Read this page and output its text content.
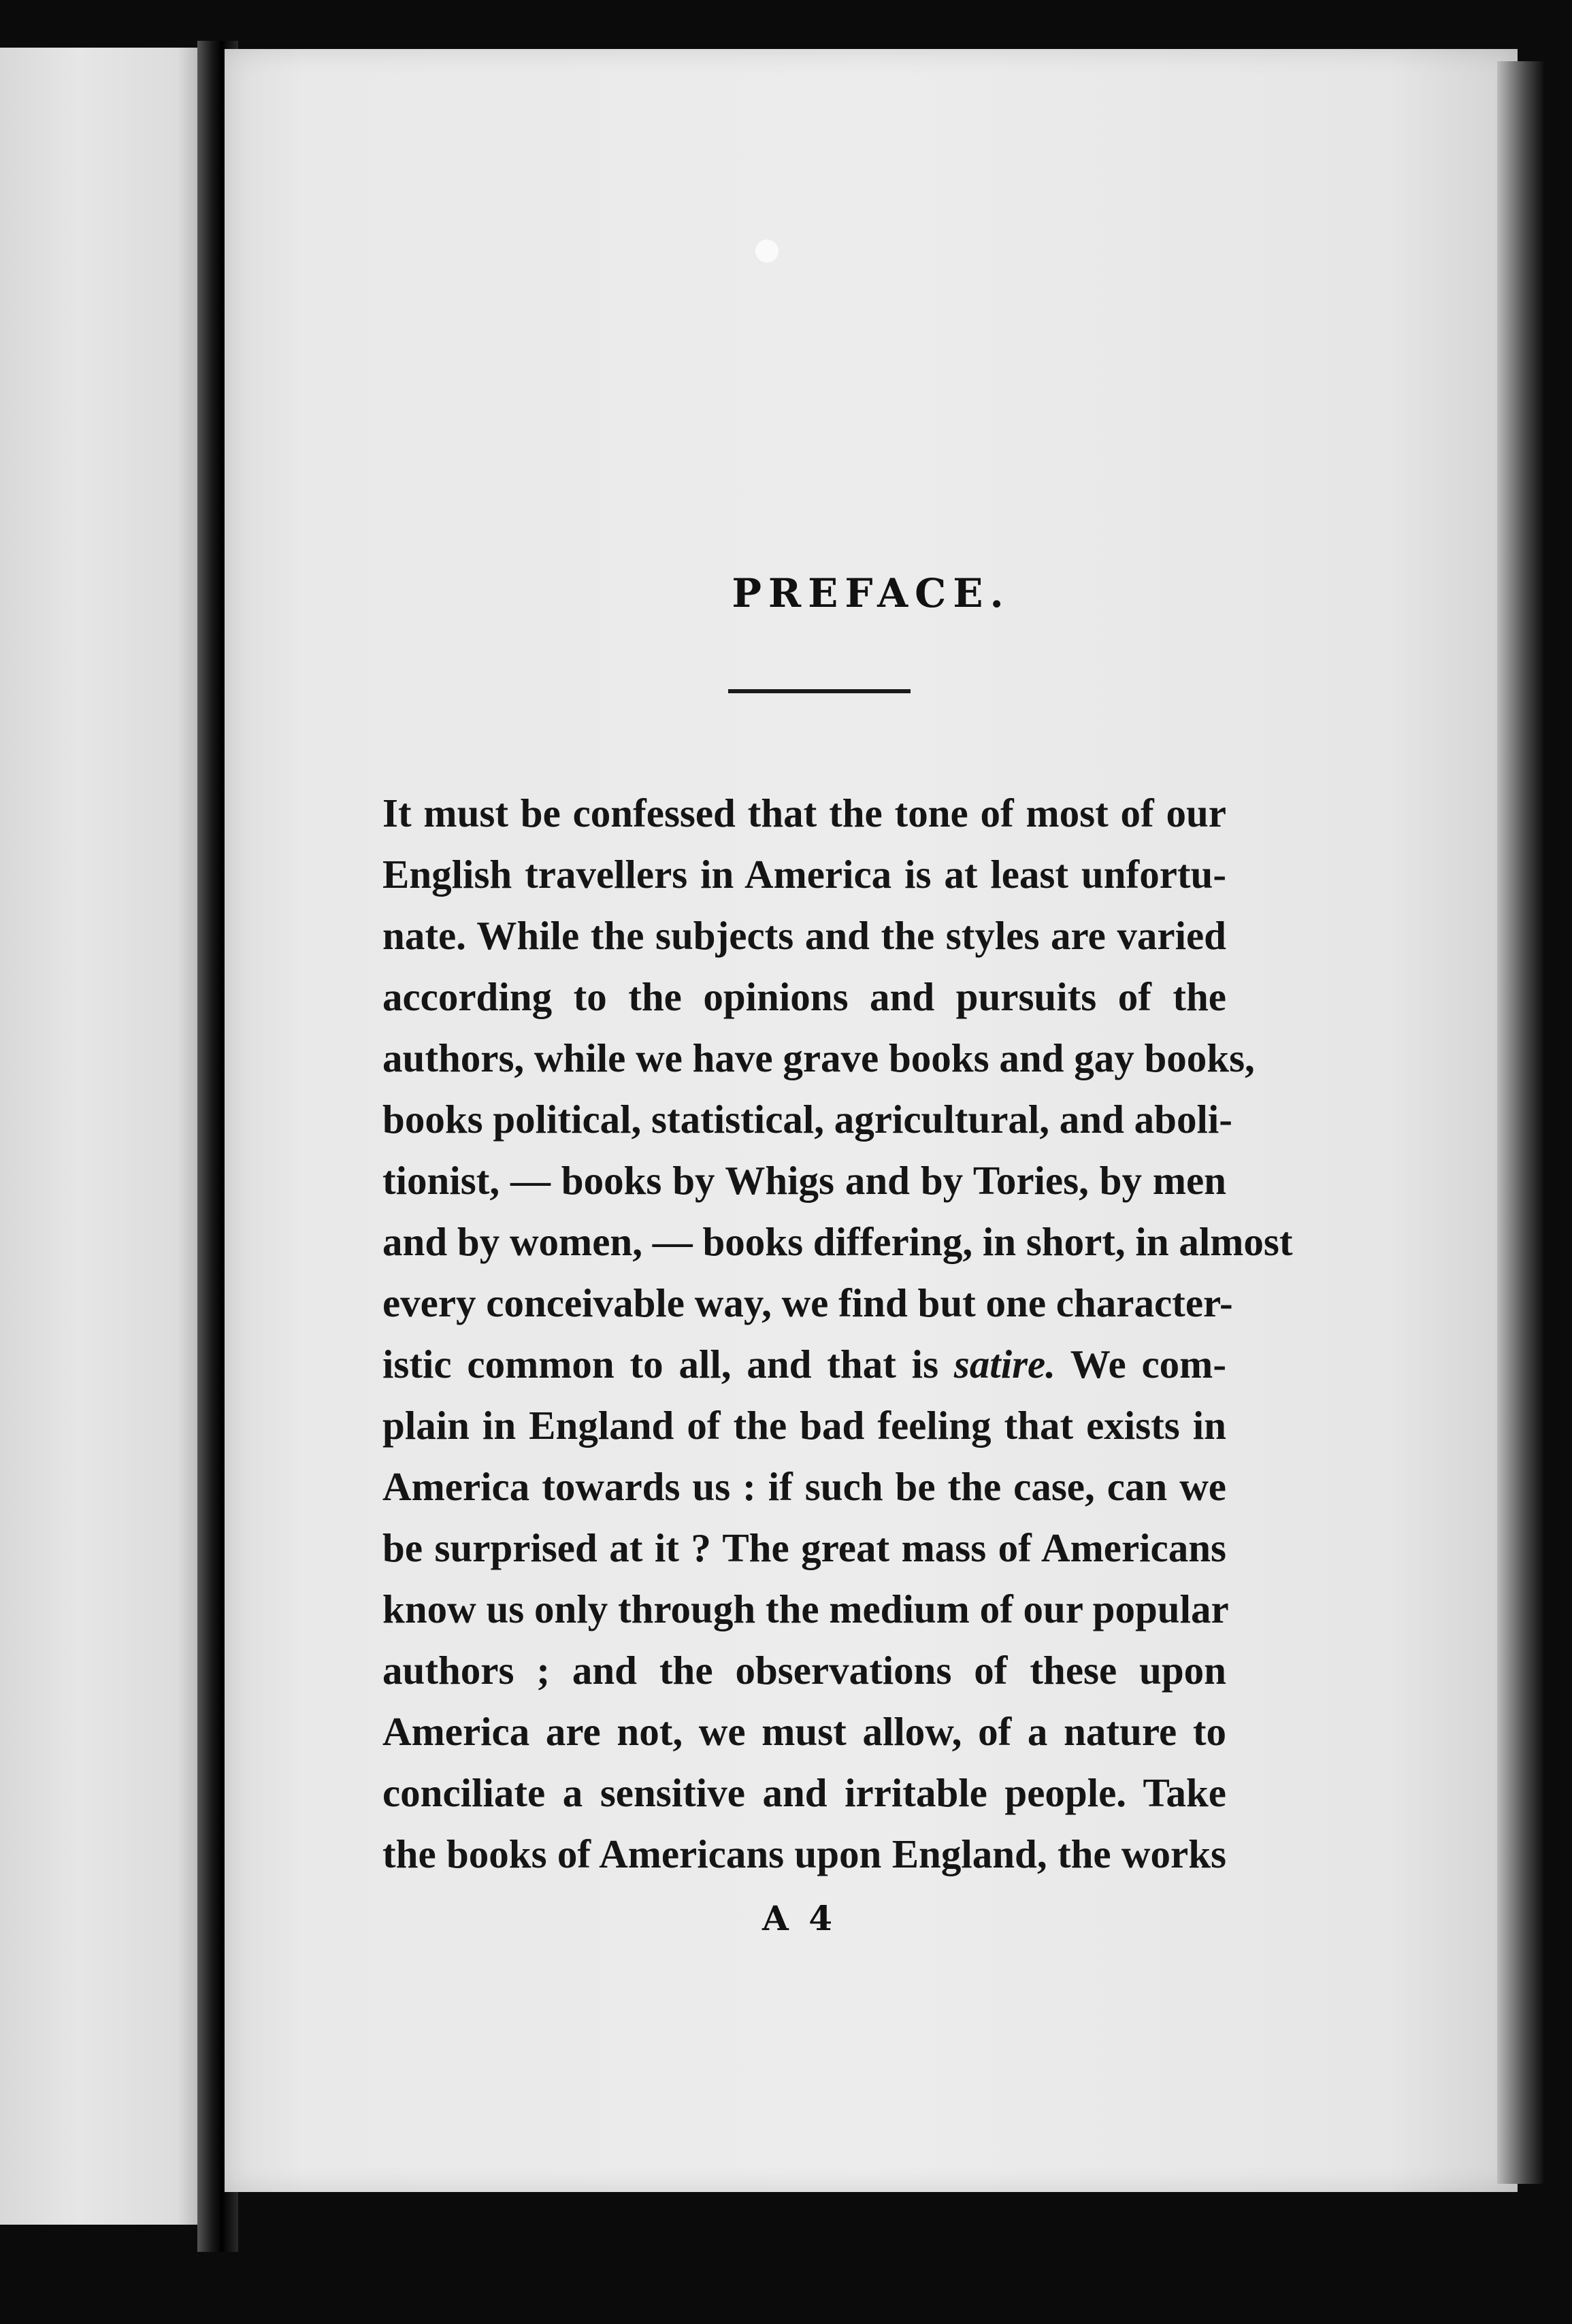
PREFACE.
It must be confessed that the tone of most of our
English travellers in America is at least unfortu-
nate. While the subjects and the styles are varied
according to the opinions and pursuits of the
authors, while we have grave books and gay books,
books political, statistical, agricultural, and aboli-
tionist, — books by Whigs and by Tories, by men
and by women, — books differing, in short, in almost
every conceivable way, we find but one character-
istic common to all, and that is satire. We com-
plain in England of the bad feeling that exists in
America towards us : if such be the case, can we
be surprised at it ? The great mass of Americans
know us only through the medium of our popular
authors ; and the observations of these upon
America are not, we must allow, of a nature to
conciliate a sensitive and irritable people. Take
the books of Americans upon England, the works
A 4
